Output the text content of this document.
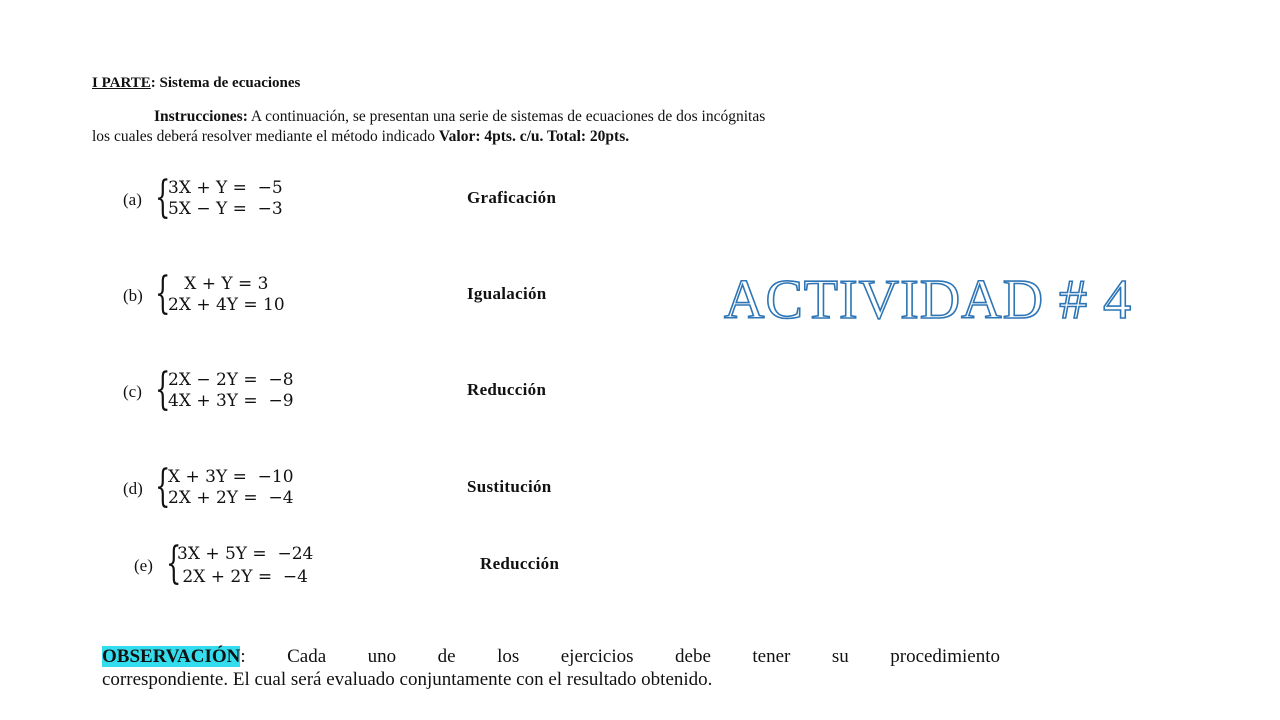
I PARTE: Sistema de ecuaciones
Instrucciones: A continuación, se presentan una serie de sistemas de ecuaciones de dos incógnitas
los cuales deberá resolver mediante el método indicado Valor: 4pts. c/u. Total: 20pts.
(a) {
3X + Y =  −5
5X − Y =  −3
Graficación
(b) {
X + Y = 3
2X + 4Y = 10
Igualación
(c) {
2X − 2Y =  −8
4X + 3Y =  −9
Reducción
(d) {
X + 3Y =  −10
2X + 2Y =  −4
Sustitución
(e) {
3X + 5Y =  −24
2X + 2Y =  −4
Reducción
ACTIVIDAD # 4
OBSERVACIÓN: Cada uno de los ejercicios debe tener su procedimiento
correspondiente. El cual será evaluado conjuntamente con el resultado obtenido.
